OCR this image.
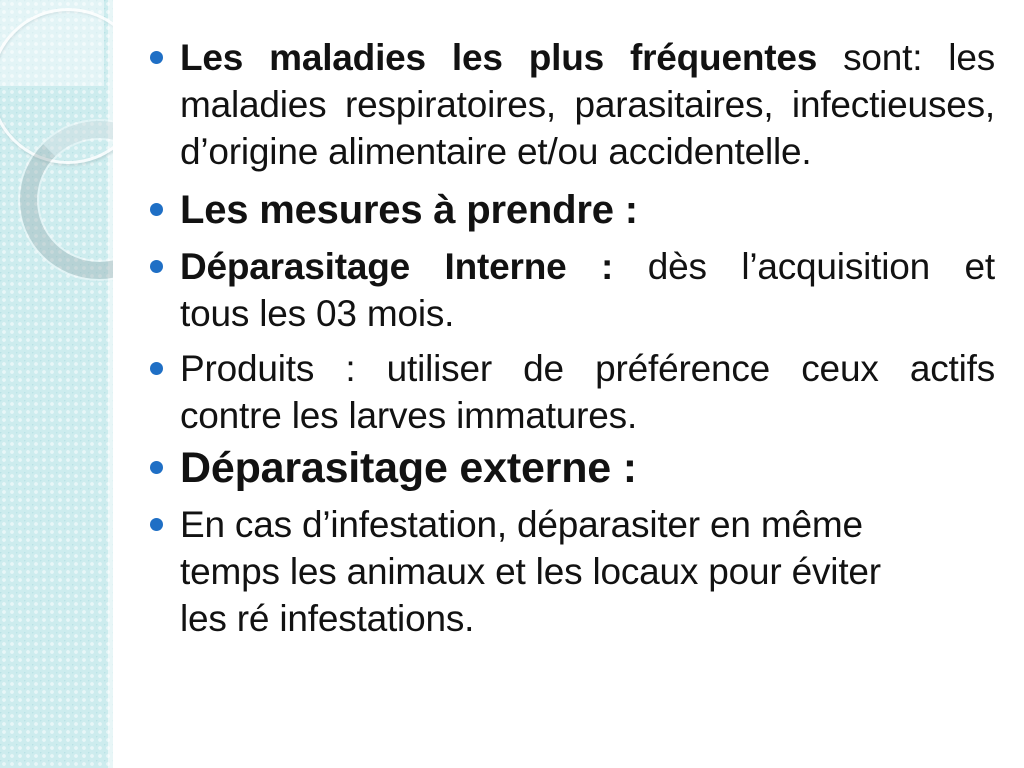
Les maladies les plus fréquentes sont: les
maladies respiratoires, parasitaires, infectieuses,
d’origine alimentaire et/ou accidentelle.
Les mesures à prendre :
Déparasitage Interne : dès l’acquisition et
tous les 03 mois.
Produits : utiliser de préférence ceux actifs
contre les larves immatures.
Déparasitage externe :
En cas d’infestation, déparasiter en même
temps les animaux et les locaux pour éviter
les ré infestations.
